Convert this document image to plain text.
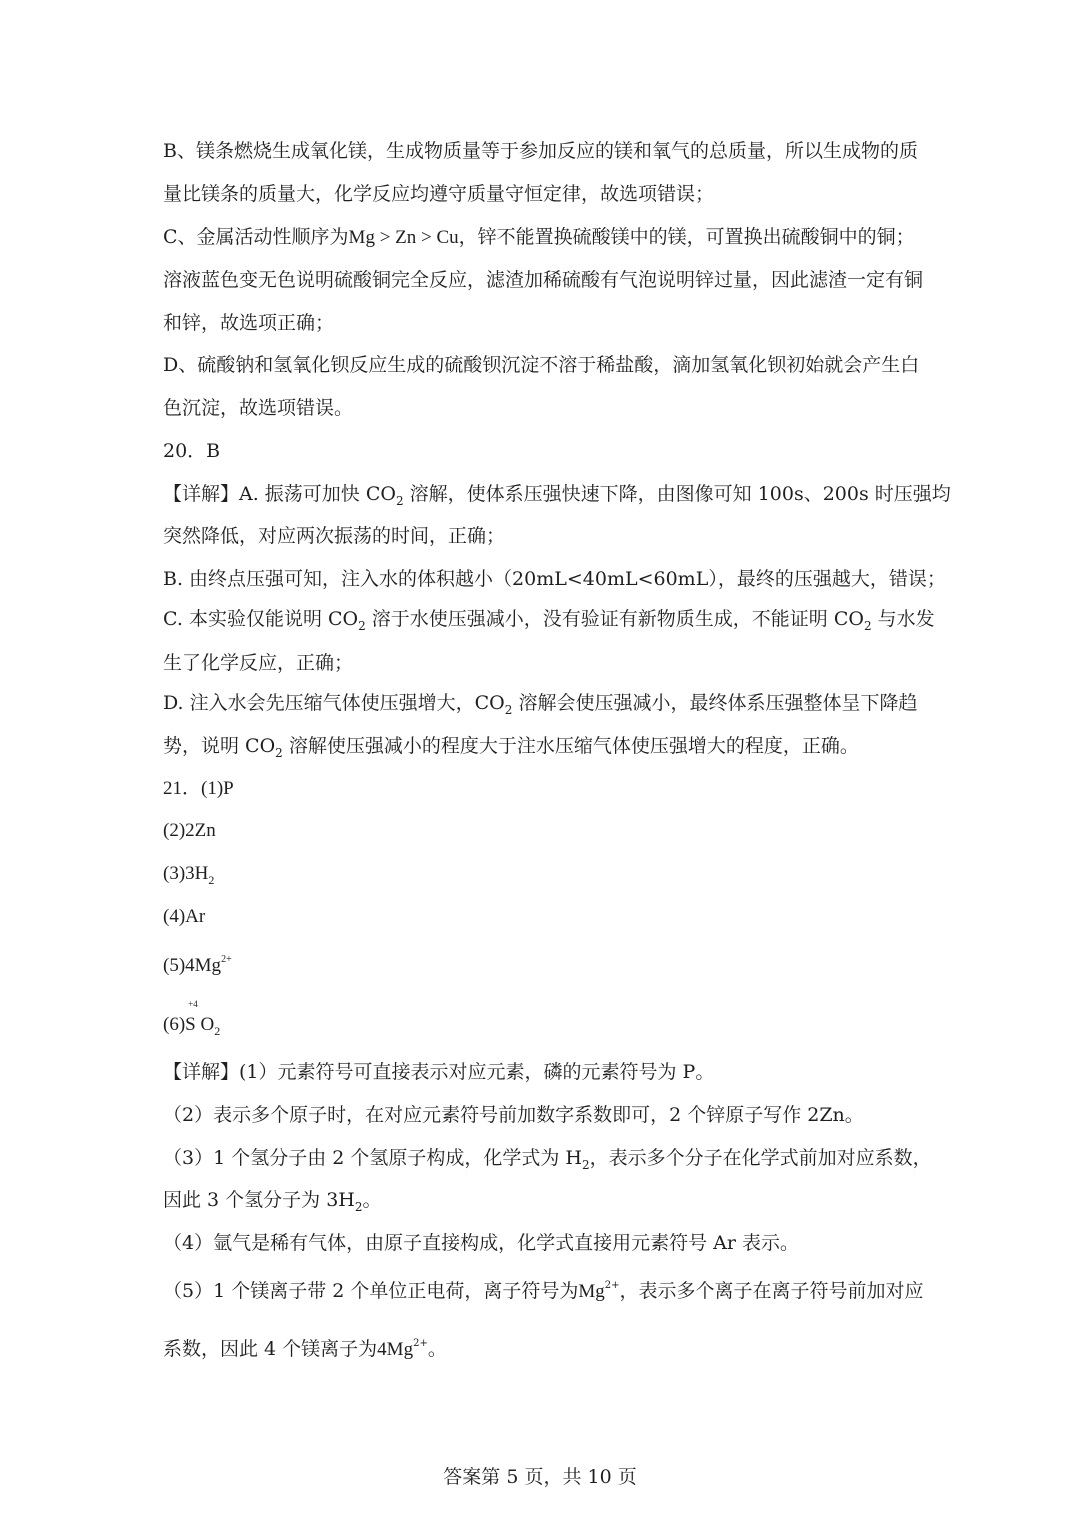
B、镁条燃烧生成氧化镁，生成物质量等于参加反应的镁和氧气的总质量，所以生成物的质
量比镁条的质量大，化学反应均遵守质量守恒定律，故选项错误；
C、金属活动性顺序为Mg > Zn > Cu，锌不能置换硫酸镁中的镁，可置换出硫酸铜中的铜；
溶液蓝色变无色说明硫酸铜完全反应，滤渣加稀硫酸有气泡说明锌过量，因此滤渣一定有铜
和锌，故选项正确；
D、硫酸钠和氢氧化钡反应生成的硫酸钡沉淀不溶于稀盐酸，滴加氢氧化钡初始就会产生白
色沉淀，故选项错误。
20．B
【详解】A. 振荡可加快 $CO_2$ 溶解，使体系压强快速下降，由图像可知 100s、200s 时压强均
突然降低，对应两次振荡的时间，正确；
B. 由终点压强可知，注入水的体积越小（20mL<40mL<60mL），最终的压强越大，错误；
C. 本实验仅能说明 $CO_2$ 溶于水使压强减小，没有验证有新物质生成，不能证明 $CO_2$ 与水发
生了化学反应，正确；
D. 注入水会先压缩气体使压强增大，$CO_2$ 溶解会使压强减小，最终体系压强整体呈下降趋
势，说明 $CO_2$ 溶解使压强减小的程度大于注水压缩气体使压强增大的程度，正确。
21．(1)P
(2)2Zn
$(3)3H_2$
(4)Ar
$(5)4Mg^{2+}$
(6)
+4
S $O_2$
【详解】(1）元素符号可直接表示对应元素，磷的元素符号为 P。
（2）表示多个原子时，在对应元素符号前加数字系数即可，2 个锌原子写作 2Zn。
（3）1 个氢分子由 2 个氢原子构成，化学式为 $H_2$，表示多个分子在化学式前加对应系数，
因此 3 个氢分子为 $3H_2$。
（4）氩气是稀有气体，由原子直接构成，化学式直接用元素符号 Ar 表示。
（5）1 个镁离子带 2 个单位正电荷，离子符号为$Mg^{2+}$，表示多个离子在离子符号前加对应
系数，因此 4 个镁离子为$4Mg^{2+}$。
答案第 5 页，共 10 页
